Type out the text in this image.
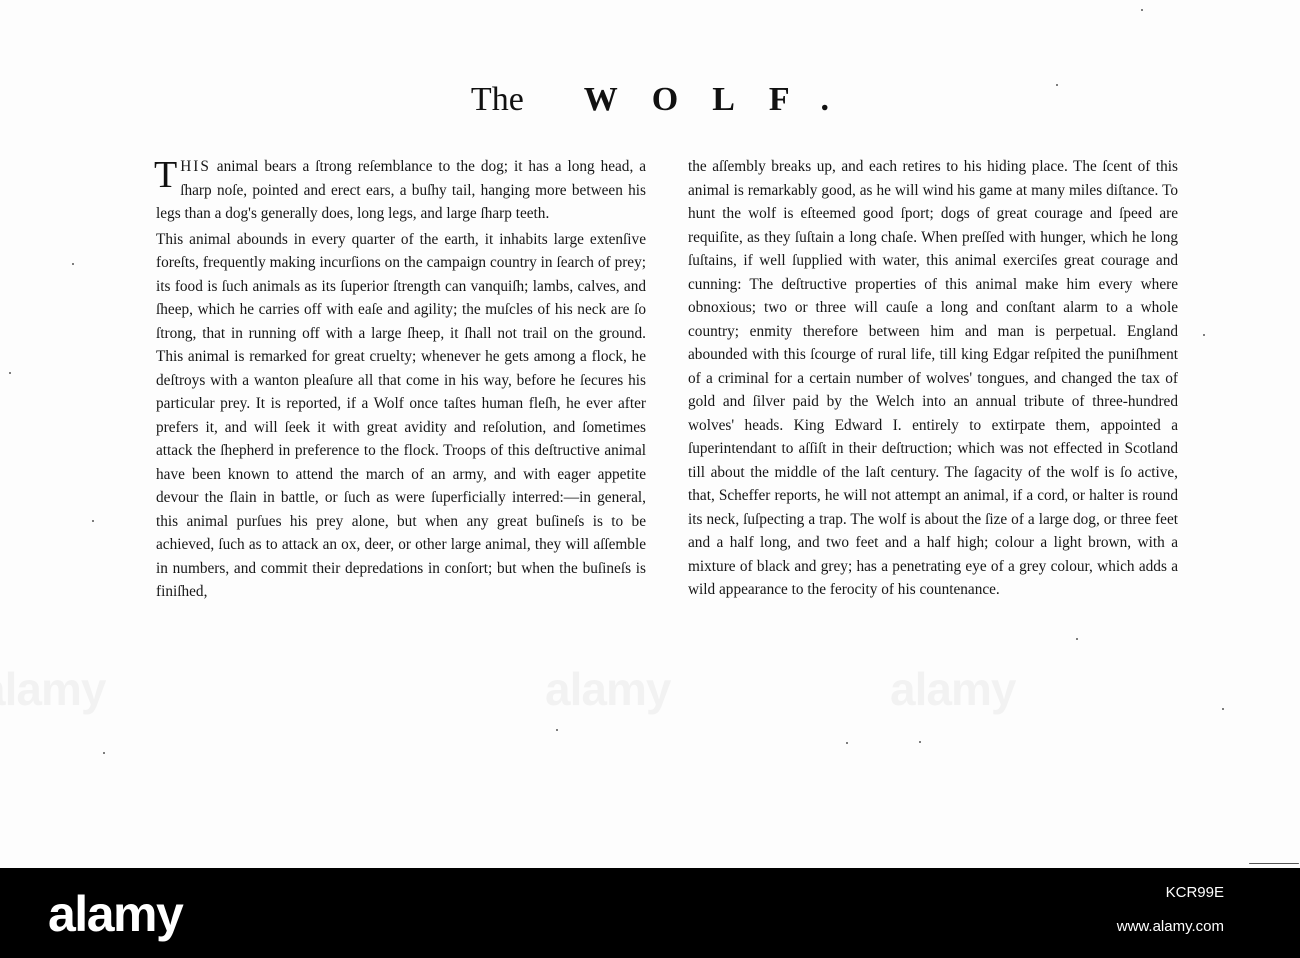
The WOLF.

THIS animal bears a ſtrong reſemblance to the dog; it has a long head, a ſharp noſe, pointed and erect ears, a buſhy tail, hanging more between his legs than a dog's generally does, long legs, and large ſharp teeth.

This animal abounds in every quarter of the earth, it inhabits large extenſive foreſts, frequently making incurſions on the campaign country in ſearch of prey; its food is ſuch animals as its ſuperior ſtrength can vanquiſh; lambs, calves, and ſheep, which he carries off with eaſe and agility; the muſcles of his neck are ſo ſtrong, that in running off with a large ſheep, it ſhall not trail on the ground. This animal is remarked for great cruelty; whenever he gets among a flock, he deſtroys with a wanton pleaſure all that come in his way, before he ſecures his particular prey. It is reported, if a Wolf once taſtes human fleſh, he ever after prefers it, and will ſeek it with great avidity and reſolution, and ſometimes attack the ſhepherd in preference to the flock. Troops of this deſtructive animal have been known to attend the march of an army, and with eager appetite devour the ſlain in battle, or ſuch as were ſuperficially interred:—in general, this animal purſues his prey alone, but when any great buſineſs is to be achieved, ſuch as to attack an ox, deer, or other large animal, they will aſſemble in numbers, and commit their depredations in conſort; but when the buſineſs is finiſhed,

the aſſembly breaks up, and each retires to his hiding place. The ſcent of this animal is remarkably good, as he will wind his game at many miles diſtance. To hunt the wolf is eſteemed good ſport; dogs of great courage and ſpeed are requiſite, as they ſuſtain a long chaſe. When preſſed with hunger, which he long ſuſtains, if well ſupplied with water, this animal exerciſes great courage and cunning: The deſtructive properties of this animal make him every where obnoxious; two or three will cauſe a long and conſtant alarm to a whole country; enmity therefore between him and man is perpetual. England abounded with this ſcourge of rural life, till king Edgar reſpited the puniſhment of a criminal for a certain number of wolves' tongues, and changed the tax of gold and ſilver paid by the Welch into an annual tribute of three-hundred wolves' heads. King Edward I. entirely to extirpate them, appointed a ſuperintendant to aſſiſt in their deſtruction; which was not effected in Scotland till about the middle of the laſt century. The ſagacity of the wolf is ſo active, that, Scheffer reports, he will not attempt an animal, if a cord, or halter is round its neck, ſuſpecting a trap. The wolf is about the ſize of a large dog, or three feet and a half long, and two feet and a half high; colour a light brown, with a mixture of black and grey; has a penetrating eye of a grey colour, which adds a wild appearance to the ferocity of his countenance.

alamy	KCR99E
www.alamy.com
